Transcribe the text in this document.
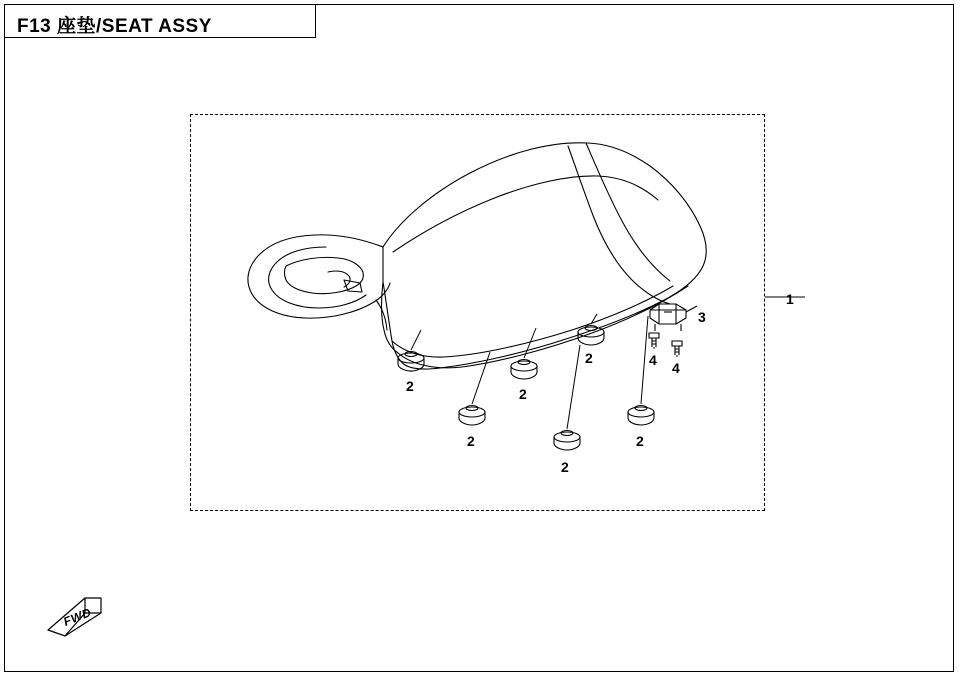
F13 座垫/SEAT ASSY
1
2
2
2
2
2
2
3
4 4
FWD
